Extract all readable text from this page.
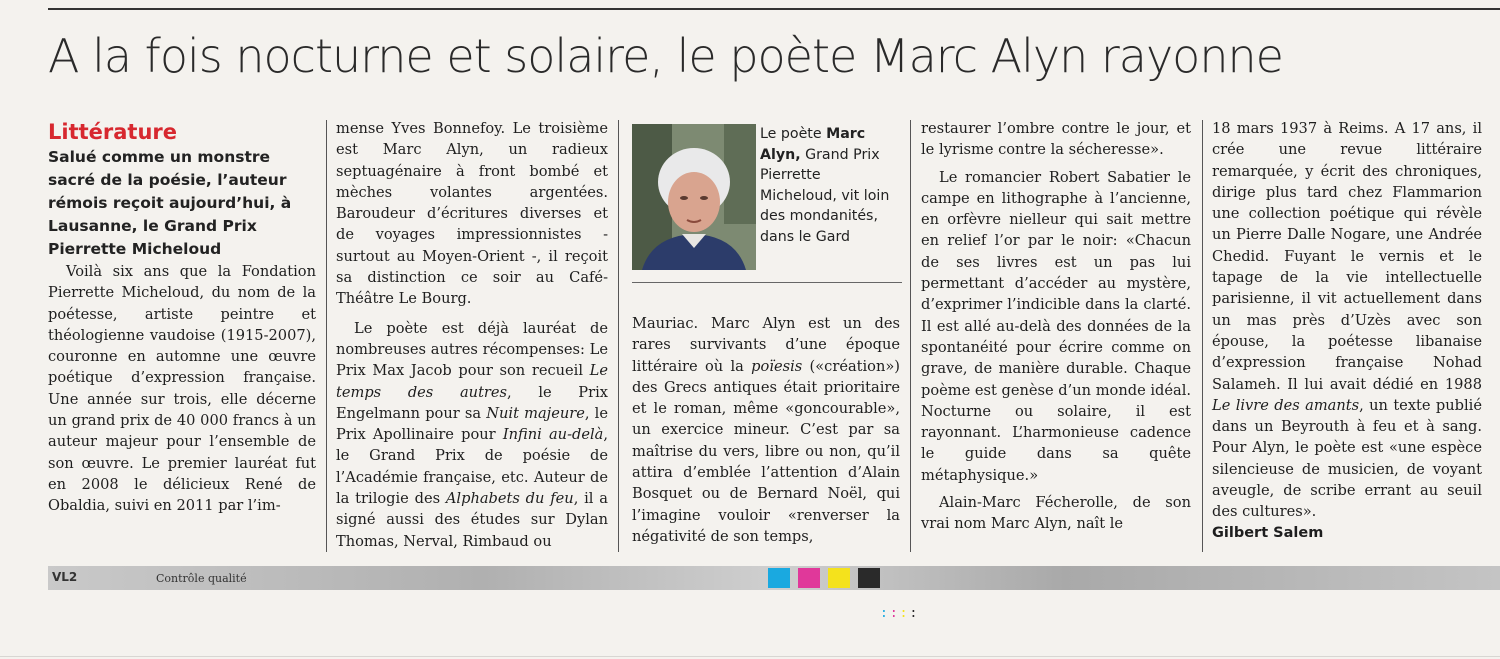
A la fois nocturne et solaire, le poète Marc Alyn rayonne

Littérature

Salué comme un monstre sacré de la poésie, l’auteur rémois reçoit aujourd’hui, à Lausanne, le Grand Prix Pierrette Micheloud

Voilà six ans que la Fondation Pierrette Micheloud, du nom de la poétesse, artiste peintre et théologienne vaudoise (1915-2007), couronne en automne une œuvre poétique d’expression française. Une année sur trois, elle décerne un grand prix de 40 000 francs à un auteur majeur pour l’ensemble de son œuvre. Le premier lauréat fut en 2008 le délicieux René de Obaldia, suivi en 2011 par l’im-

mense Yves Bonnefoy. Le troisième est Marc Alyn, un radieux septuagénaire à front bombé et mèches volantes argentées. Baroudeur d’écritures diverses et de voyages impressionnistes - surtout au Moyen-Orient -, il reçoit sa distinction ce soir au Café-Théâtre Le Bourg.

Le poète est déjà lauréat de nombreuses autres récompenses: Le Prix Max Jacob pour son recueil Le temps des autres, le Prix Engelmann pour sa Nuit majeure, le Prix Apollinaire pour Infini au-delà, le Grand Prix de poésie de l’Académie française, etc. Auteur de la trilogie des Alphabets du feu, il a signé aussi des études sur Dylan Thomas, Nerval, Rimbaud ou

Le poète Marc Alyn, Grand Prix Pierrette Micheloud, vit loin des mondanités, dans le Gard

Mauriac. Marc Alyn est un des rares survivants d’une époque littéraire où la poïesis («création») des Grecs antiques était prioritaire et le roman, même «goncourable», un exercice mineur. C’est par sa maîtrise du vers, libre ou non, qu’il attira d’emblée l’attention d’Alain Bosquet ou de Bernard Noël, qui l’imagine vouloir «renverser la négativité de son temps,

restaurer l’ombre contre le jour, et le lyrisme contre la sécheresse».

Le romancier Robert Sabatier le campe en lithographe à l’ancienne, en orfèvre nielleur qui sait mettre en relief l’or par le noir: «Chacun de ses livres est un pas lui permettant d’accéder au mystère, d’exprimer l’indicible dans la clarté. Il est allé au-delà des données de la spontanéité pour écrire comme on grave, de manière durable. Chaque poème est genèse d’un monde idéal. Nocturne ou solaire, il est rayonnant. L’harmonieuse cadence le guide dans sa quête métaphysique.»

Alain-Marc Fécherolle, de son vrai nom Marc Alyn, naît le

18 mars 1937 à Reims. A 17 ans, il crée une revue littéraire remarquée, y écrit des chroniques, dirige plus tard chez Flammarion une collection poétique qui révèle un Pierre Dalle Nogare, une Andrée Chedid. Fuyant le vernis et le tapage de la vie intellectuelle parisienne, il vit actuellement dans un mas près d’Uzès avec son épouse, la poétesse libanaise d’expression française Nohad Salameh. Il lui avait dédié en 1988 Le livre des amants, un texte publié dans un Beyrouth à feu et à sang. Pour Alyn, le poète est «une espèce silencieuse de musicien, de voyant aveugle, de scribe errant au seuil des cultures».

Gilbert Salem

VL2	Contrôle qualité
::::
